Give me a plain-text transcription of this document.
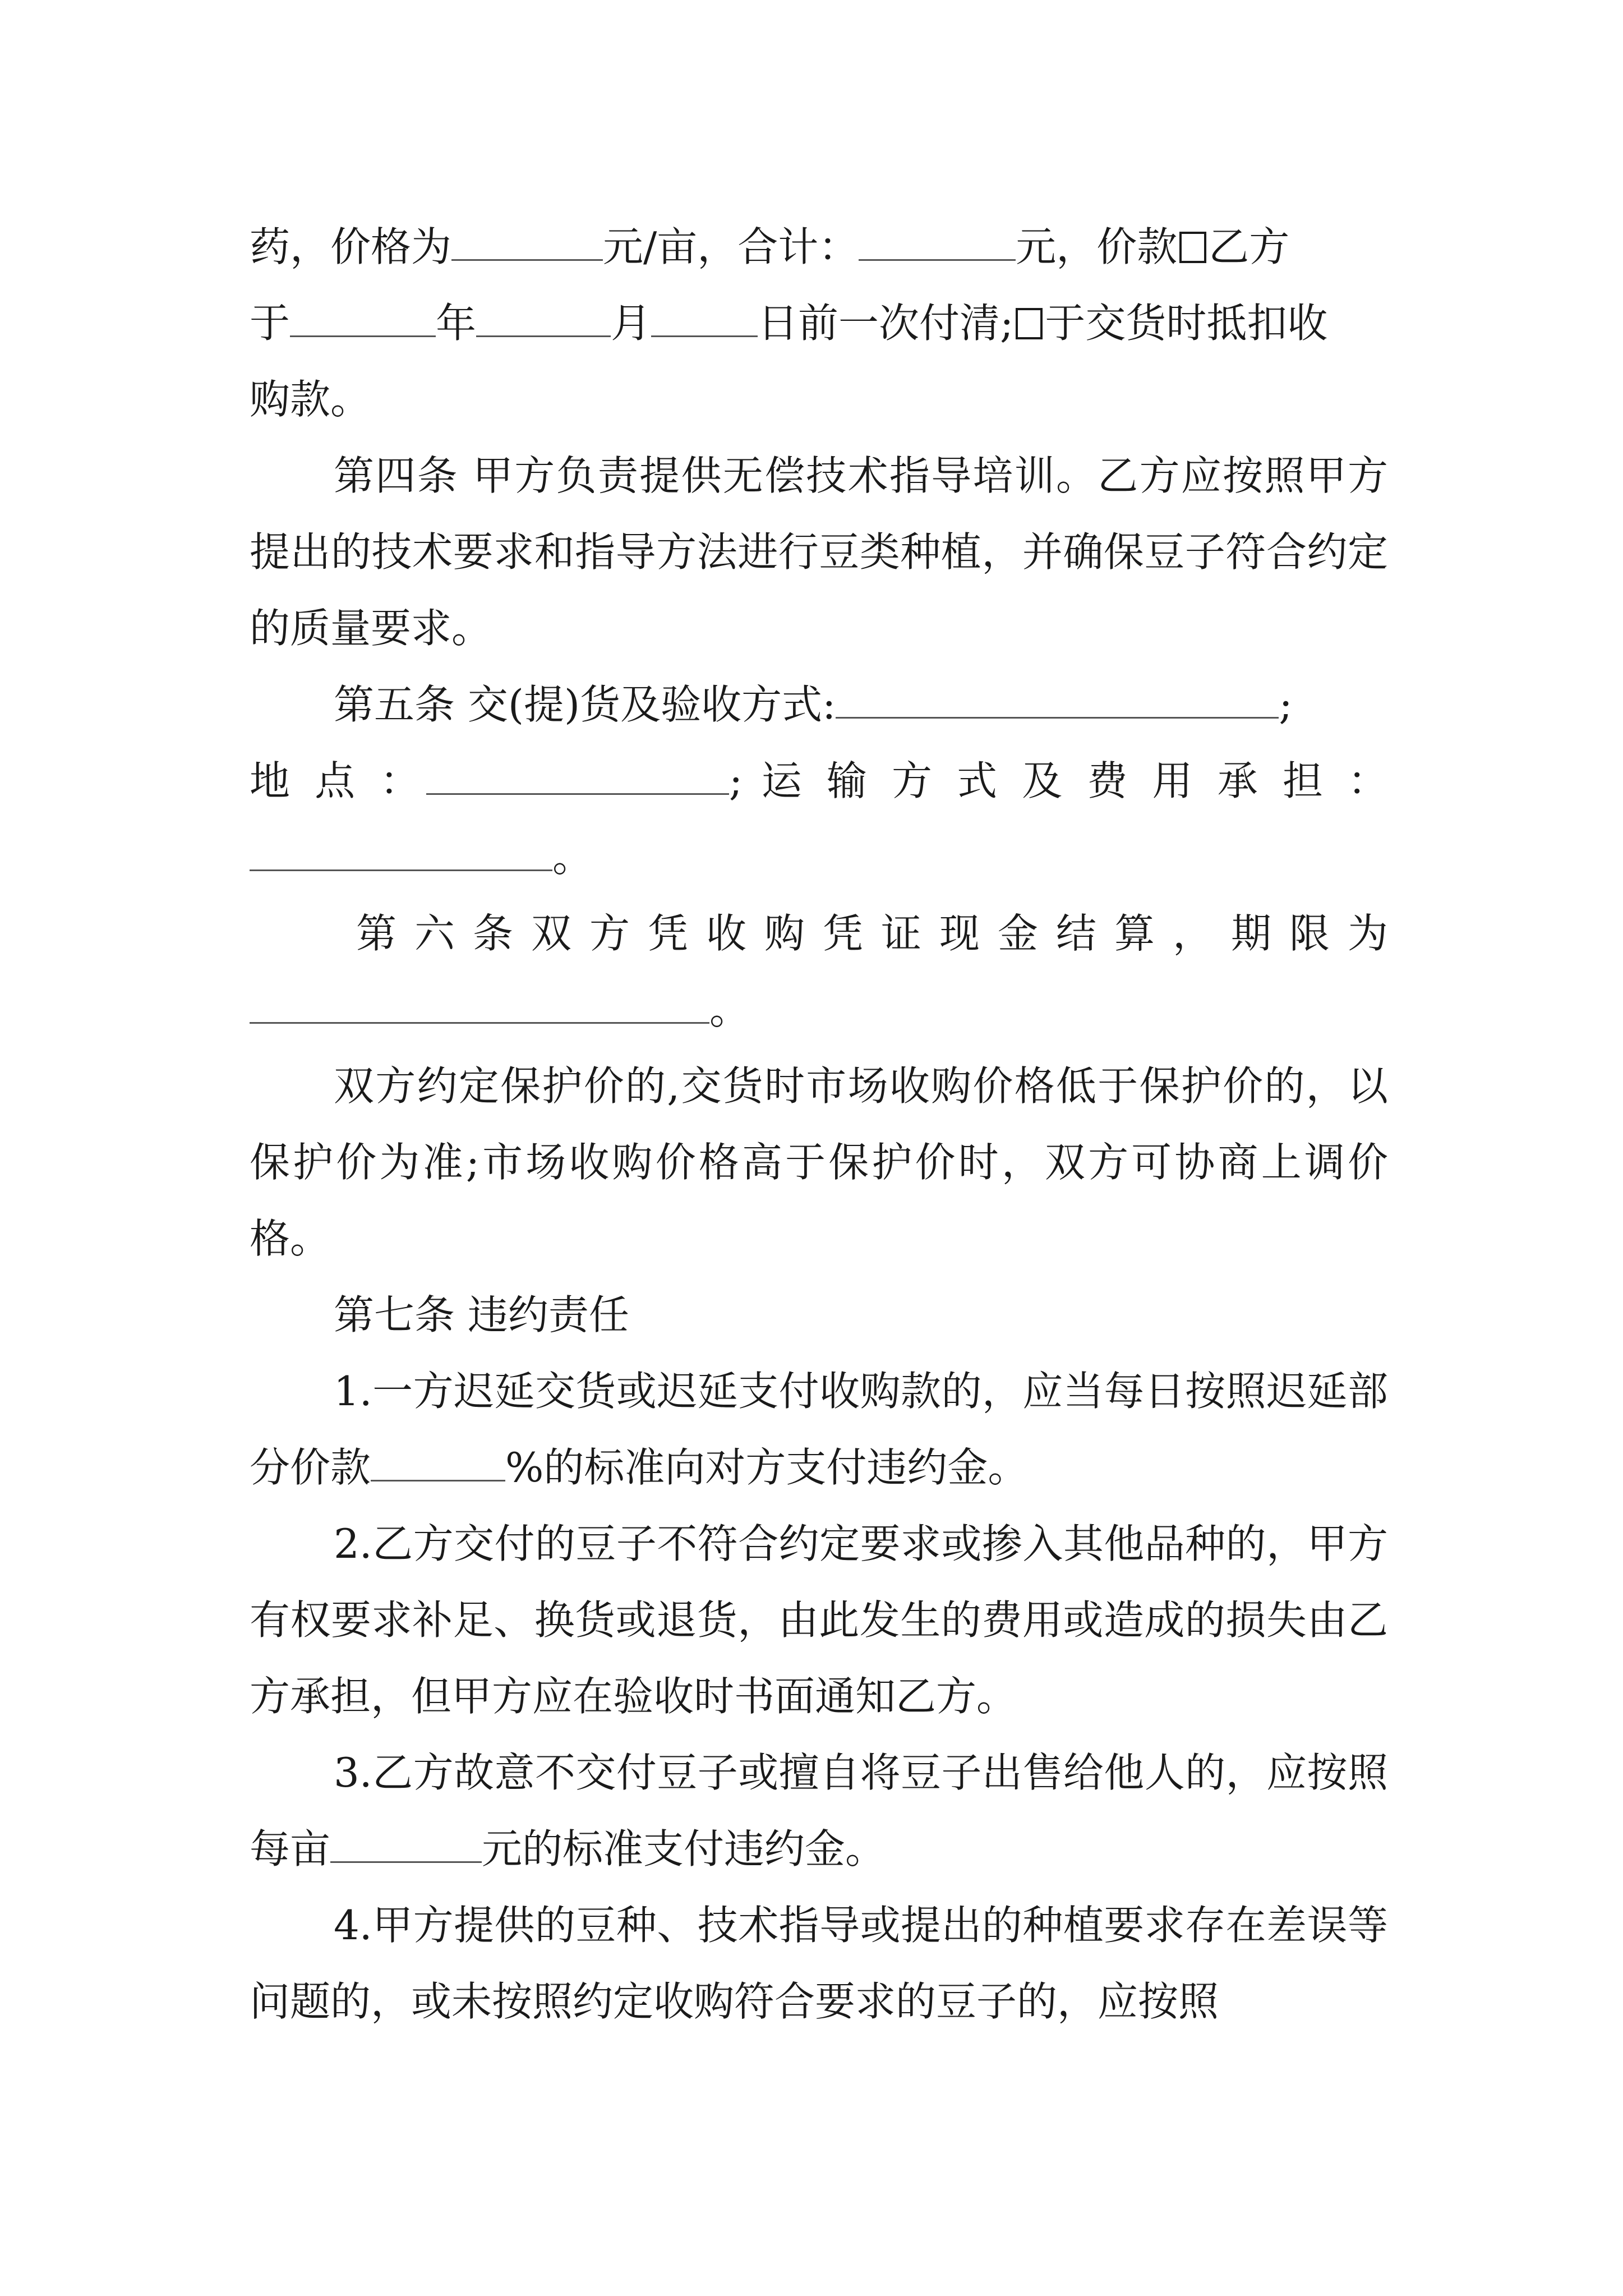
药，价格为	元/亩，合计：	元，价款 乙方
于	年	月	日前一次付清; 于交货时抵扣收
购款。

第四条 甲方负责提供无偿技术指导培训。乙方应按照甲方提出的技术要求和指导方法进行豆类种植，并确保豆子符合约定的质量要求。

第五条 交(提)货及验收方式:	;

地 点 ：	; 运 输 方 式 及 费 用 承 担 ：

。

第 六 条 双 方 凭 收 购 凭 证 现 金 结 算 ， 期 限 为

。

双方约定保护价的,交货时市场收购价格低于保护价的，以保护价为准;市场收购价格高于保护价时，双方可协商上调价格。

第七条 违约责任

1.一方迟延交货或迟延支付收购款的，应当每日按照迟延部分价款	%的标准向对方支付违约金。

2.乙方交付的豆子不符合约定要求或掺入其他品种的，甲方有权要求补足、换货或退货，由此发生的费用或造成的损失由乙方承担，但甲方应在验收时书面通知乙方。

3.乙方故意不交付豆子或擅自将豆子出售给他人的，应按照每亩	元的标准支付违约金。

4.甲方提供的豆种、技术指导或提出的种植要求存在差误等问题的，或未按照约定收购符合要求的豆子的，应按照
